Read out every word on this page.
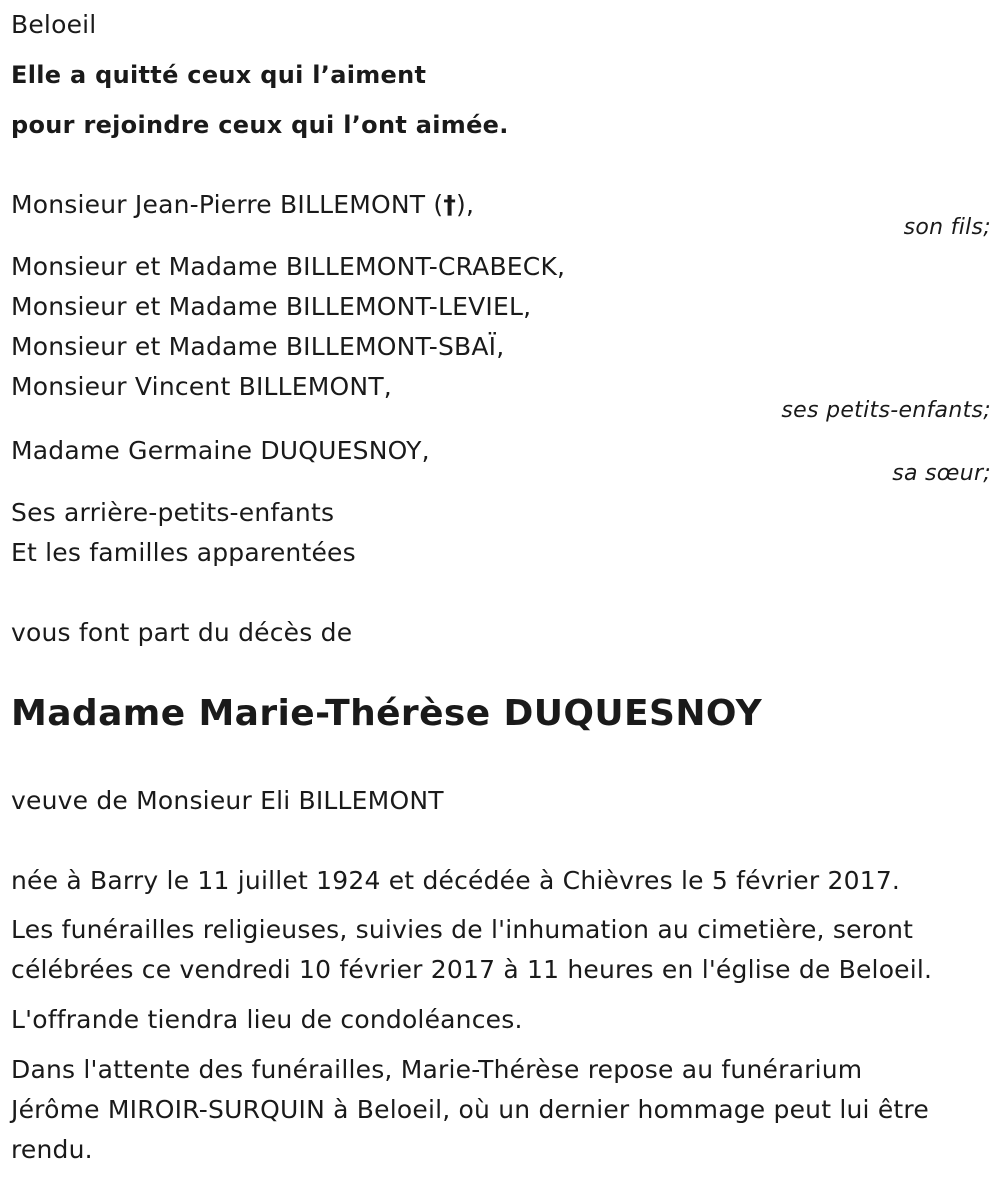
Beloeil
Elle a quitté ceux qui l’aiment
pour rejoindre ceux qui l’ont aimée.
Monsieur Jean-Pierre BILLEMONT (†),
son fils;
Monsieur et Madame BILLEMONT-CRABECK,
Monsieur et Madame BILLEMONT-LEVIEL,
Monsieur et Madame BILLEMONT-SBAÏ,
Monsieur Vincent BILLEMONT,
ses petits-enfants;
Madame Germaine DUQUESNOY,
sa sœur;
Ses arrière-petits-enfants
Et les familles apparentées
vous font part du décès de
Madame Marie-Thérèse DUQUESNOY
veuve de Monsieur Eli BILLEMONT
née à Barry le 11 juillet 1924 et décédée à Chièvres le 5 février 2017.
Les funérailles religieuses, suivies de l'inhumation au cimetière, seront
célébrées ce vendredi 10 février 2017 à 11 heures en l'église de Beloeil.
L'offrande tiendra lieu de condoléances.
Dans l'attente des funérailles, Marie-Thérèse repose au funérarium
Jérôme MIROIR-SURQUIN à Beloeil, où un dernier hommage peut lui être
rendu.
